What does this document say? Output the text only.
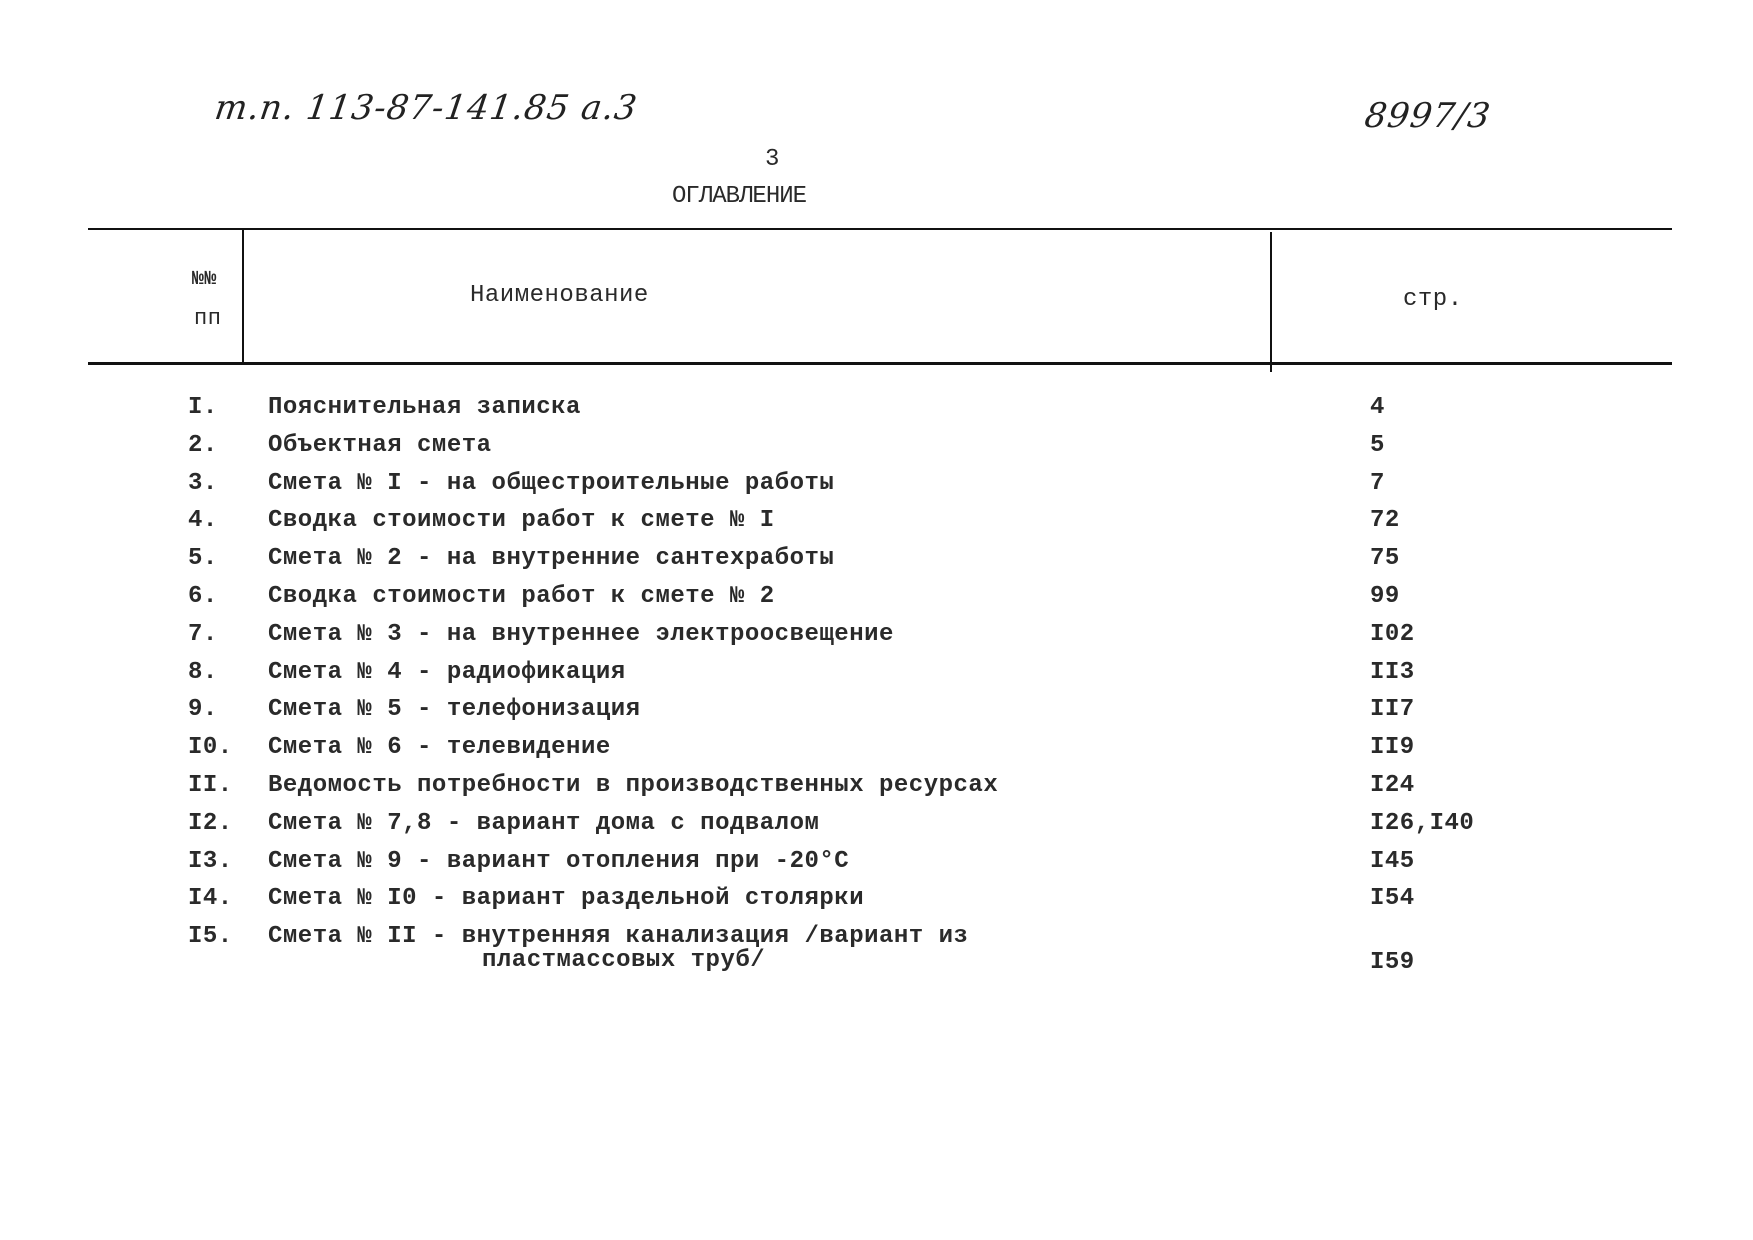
т.п. 113-87-141.85 а.3	8997/3
3
ОГЛАВЛЕНИЕ
№№
пп
Наименование	стр.
I. Пояснительная записка	4
2. Объектная смета	5
3. Смета № I - на общестроительные работы	7
4. Сводка стоимости работ к смете № I	72
5. Смета № 2 - на внутренние сантехработы	75
6. Сводка стоимости работ к смете № 2	99
7. Смета № 3 - на внутреннее электроосвещение	I02
8. Смета № 4 - радиофикация	II3
9. Смета № 5 - телефонизация	II7
I0. Смета № 6 - телевидение	II9
II. Ведомость потребности в производственных ресурсах	I24
I2. Смета № 7,8 - вариант дома с подвалом	I26,I40
I3. Смета № 9 - вариант отопления при -20°С	I45
I4. Смета № I0 - вариант раздельной столярки	I54
I5. Смета № II - внутренняя канализация /вариант из
пластмассовых труб/	I59
